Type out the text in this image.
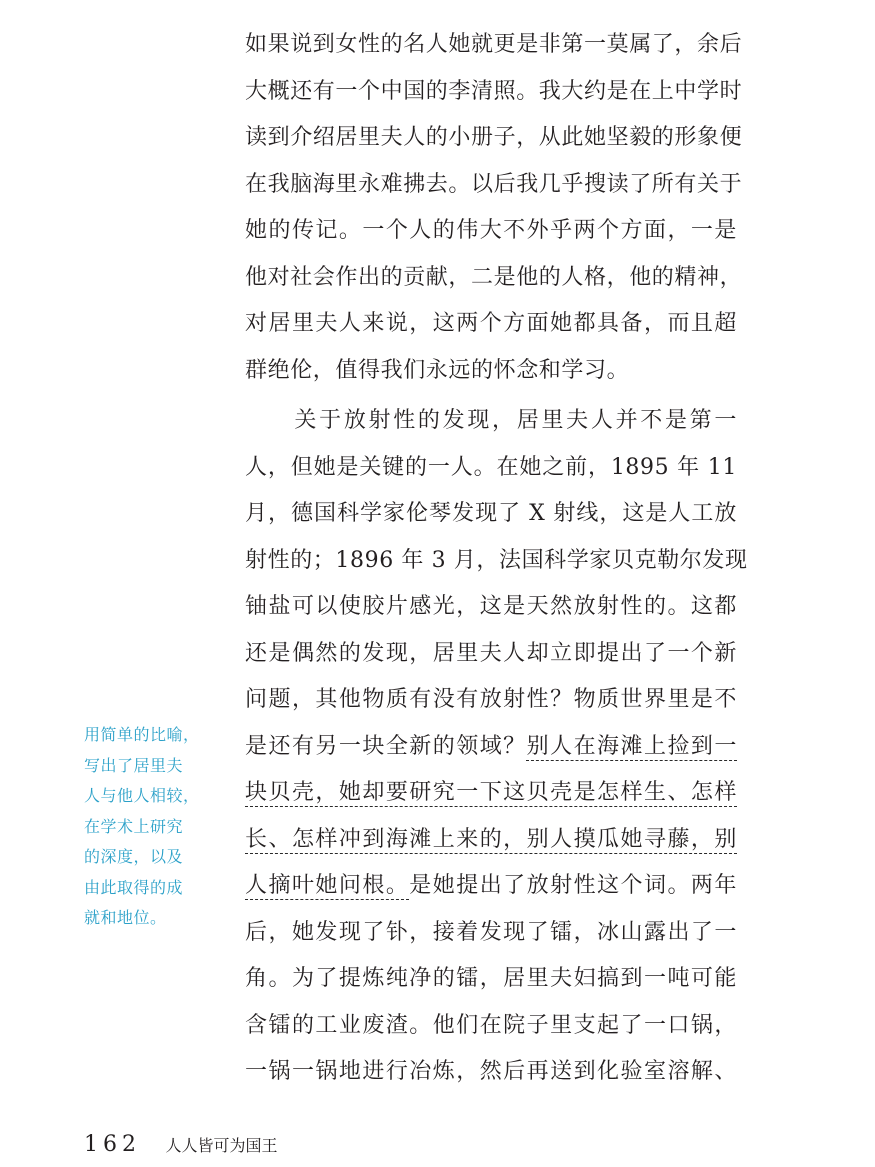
如果说到女性的名人她就更是非第一莫属了，余后
大概还有一个中国的李清照。我大约是在上中学时
读到介绍居里夫人的小册子，从此她坚毅的形象便
在我脑海里永难拂去。以后我几乎搜读了所有关于
她的传记。一个人的伟大不外乎两个方面，一是
他对社会作出的贡献，二是他的人格，他的精神，
对居里夫人来说，这两个方面她都具备，而且超
群绝伦，值得我们永远的怀念和学习。
　　关于放射性的发现，居里夫人并不是第一
人，但她是关键的一人。在她之前，1895 年 11
月，德国科学家伦琴发现了 X 射线，这是人工放
射性的；1896 年 3 月，法国科学家贝克勒尔发现
铀盐可以使胶片感光，这是天然放射性的。这都
还是偶然的发现，居里夫人却立即提出了一个新
问题，其他物质有没有放射性？物质世界里是不
是还有另一块全新的领域？别人在海滩上捡到一
块贝壳，她却要研究一下这贝壳是怎样生、怎样
长、怎样冲到海滩上来的，别人摸瓜她寻藤，别
人摘叶她问根。是她提出了放射性这个词。两年
后，她发现了钋，接着发现了镭，冰山露出了一
角。为了提炼纯净的镭，居里夫妇搞到一吨可能
含镭的工业废渣。他们在院子里支起了一口锅，
一锅一锅地进行冶炼，然后再送到化验室溶解、
用简单的比喻，
写出了居里夫
人与他人相较，
在学术上研究
的深度，以及
由此取得的成
就和地位。
162 人人皆可为国王
